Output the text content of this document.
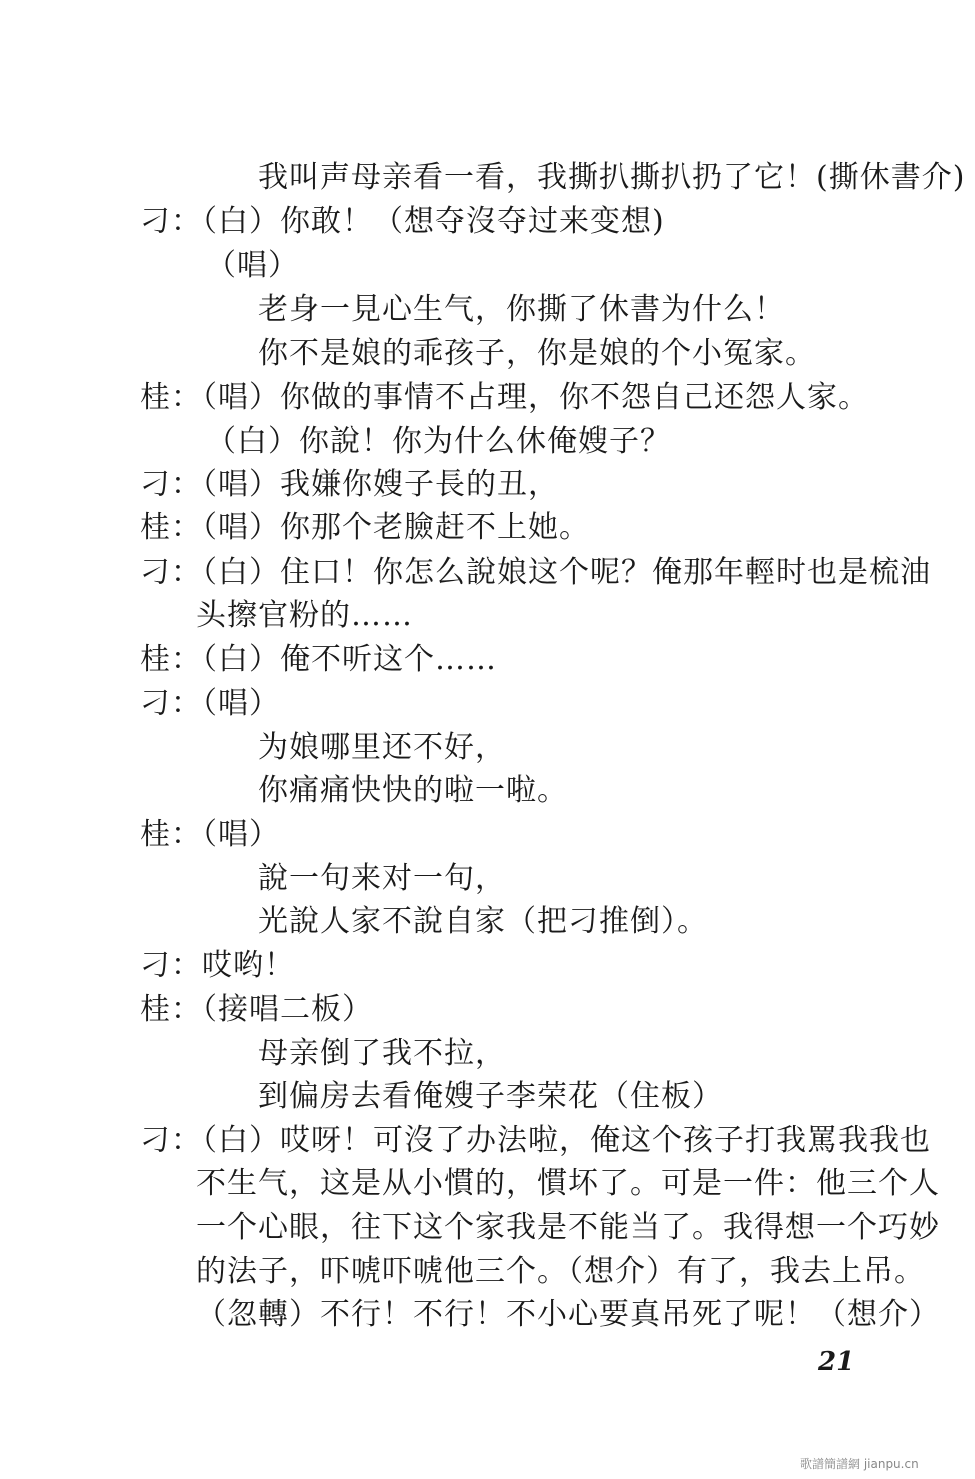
我叫声母亲看一看，我撕扒撕扒扔了它！(撕休書介)
刁：（白）你敢！（想夺沒夺过来变想)
（唱）
老身一見心生气，你撕了休書为什么！
你不是娘的乖孩子，你是娘的个小冤家。
桂：（唱）你做的事情不占理，你不怨自己还怨人家。
（白）你說！你为什么休俺嫂子？
刁：（唱）我嫌你嫂子長的丑，
桂：（唱）你那个老臉赶不上她。
刁：（白）住口！你怎么說娘这个呢？俺那年輕时也是梳油
头擦官粉的……
桂：（白）俺不听这个……
刁：（唱）
为娘哪里还不好，
你痛痛快快的啦一啦。
桂：（唱）
說一句来对一句，
光說人家不說自家（把刁推倒）。
刁：哎哟！
桂：（接唱二板）
母亲倒了我不拉，
到偏房去看俺嫂子李荣花（住板）
刁：（白）哎呀！可沒了办法啦，俺这个孩子打我罵我我也
不生气，这是从小慣的，慣坏了。可是一件：他三个人
一个心眼，往下这个家我是不能当了。我得想一个巧妙
的法子，吓唬吓唬他三个。（想介）有了，我去上吊。
（忽轉）不行！不行！不小心要真吊死了呢！（想介）
21
歌譜簡譜網 jianpu.cn
